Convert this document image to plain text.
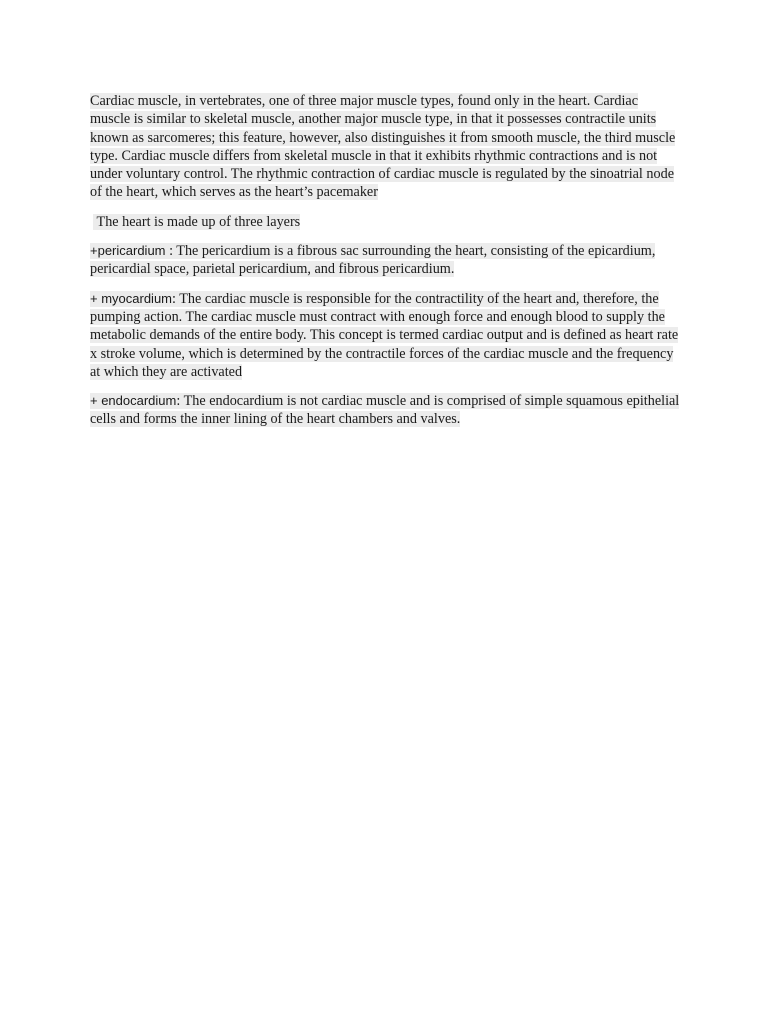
Cardiac muscle, in vertebrates, one of three major muscle types, found only in the heart. Cardiac muscle is similar to skeletal muscle, another major muscle type, in that it possesses contractile units known as sarcomeres; this feature, however, also distinguishes it from smooth muscle, the third muscle type. Cardiac muscle differs from skeletal muscle in that it exhibits rhythmic contractions and is not under voluntary control. The rhythmic contraction of cardiac muscle is regulated by the sinoatrial node of the heart, which serves as the heart’s pacemaker

The heart is made up of three layers

+pericardium : The pericardium is a fibrous sac surrounding the heart, consisting of the epicardium, pericardial space, parietal pericardium, and fibrous pericardium.

+ myocardium: The cardiac muscle is responsible for the contractility of the heart and, therefore, the pumping action. The cardiac muscle must contract with enough force and enough blood to supply the metabolic demands of the entire body. This concept is termed cardiac output and is defined as heart rate x stroke volume, which is determined by the contractile forces of the cardiac muscle and the frequency at which they are activated

+ endocardium: The endocardium is not cardiac muscle and is comprised of simple squamous epithelial cells and forms the inner lining of the heart chambers and valves.
